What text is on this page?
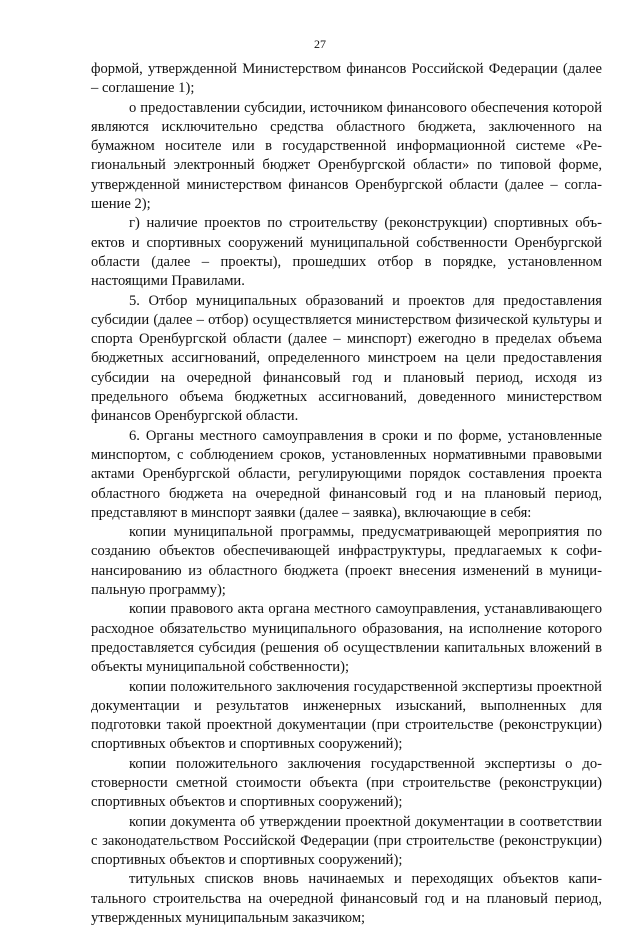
27

формой, утвержденной Министерством финансов Российской Федерации (далее – соглашение 1);

о предоставлении субсидии, источником финансового обеспечения которой являются исключительно средства областного бюджета, заключенного на бумажном носителе или в государственной информационной системе «Региональный электронный бюджет Оренбургской области» по типовой форме, утвержденной министерством финансов Оренбургской области (далее – соглашение 2);

г) наличие проектов по строительству (реконструкции) спортивных объектов и спортивных сооружений муниципальной собственности Оренбургской области (далее – проекты), прошедших отбор в порядке, установленном настоящими Правилами.

5. Отбор муниципальных образований и проектов для предоставления субсидии (далее – отбор) осуществляется министерством физической культуры и спорта Оренбургской области (далее – минспорт) ежегодно в пределах объема бюджетных ассигнований, определенного минстроем на цели предоставления субсидии на очередной финансовый год и плановый период, исходя из предельного объема бюджетных ассигнований, доведенного министерством финансов Оренбургской области.

6. Органы местного самоуправления в сроки и по форме, установленные минспортом, с соблюдением сроков, установленных нормативными правовыми актами Оренбургской области, регулирующими порядок составления проекта областного бюджета на очередной финансовый год и на плановый период, представляют в минспорт заявки (далее – заявка), включающие в себя:

копии муниципальной программы, предусматривающей мероприятия по созданию объектов обеспечивающей инфраструктуры, предлагаемых к софинансированию из областного бюджета (проект внесения изменений в муниципальную программу);

копии правового акта органа местного самоуправления, устанавливающего расходное обязательство муниципального образования, на исполнение которого предоставляется субсидия (решения об осуществлении капитальных вложений в объекты муниципальной собственности);

копии положительного заключения государственной экспертизы проектной документации и результатов инженерных изысканий, выполненных для подготовки такой проектной документации (при строительстве (реконструкции) спортивных объектов и спортивных сооружений);

копии положительного заключения государственной экспертизы о достоверности сметной стоимости объекта (при строительстве (реконструкции) спортивных объектов и спортивных сооружений);

копии документа об утверждении проектной документации в соответствии с законодательством Российской Федерации (при строительстве (реконструкции) спортивных объектов и спортивных сооружений);

титульных списков вновь начинаемых и переходящих объектов капитального строительства на очередной финансовый год и на плановый период, утвержденных муниципальным заказчиком;
